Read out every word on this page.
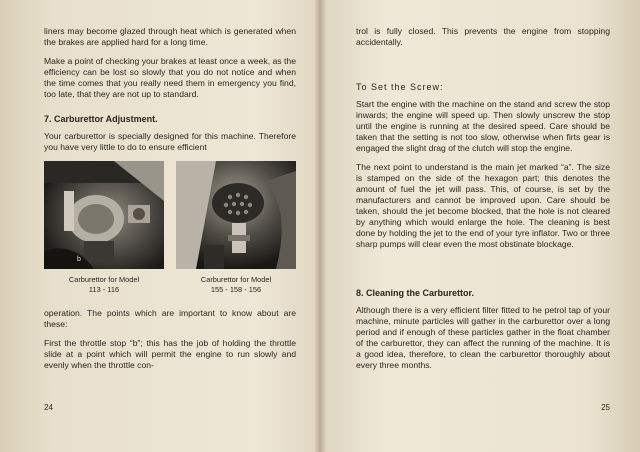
liners may become glazed through heat which is generated when the brakes are applied hard for a long time.

Make a point of checking your brakes at least once a week, as the efficiency can be lost so slowly that you do not notice and when the time comes that you really need them in emergency you find, too late, that they are not up to standard.

7. Carburettor Adjustment.

Your carburettor is specially designed for this machine. Therefore you have very little to do to ensure efficient

b
Carburettor for Model
113 - 116
Carburettor for Model
155 - 158 - 156

operation. The points which are important to know about are these:

First the throttle stop “b”; this has the job of holding the throttle slide at a point which will permit the engine to run slowly and evenly when the throttle con-

24

trol is fully closed. This prevents the engine from stopping accidentally.

To Set the Screw:

Start the engine with the machine on the stand and screw the stop inwards; the engine will speed up. Then slowly unscrew the stop until the engine is running at the desired speed. Care should be taken that the setting is not too slow, otherwise when firts gear is engaged the slight drag of the clutch will stop the engine.

The next point to understand is the main jet marked “a”. The size is stamped on the side of the hexagon part; this denotes the amount of fuel the jet will pass. This, of course, is set by the manufacturers and cannot be improved upon. Care should be taken, should the jet become blocked, that the hole is not cleared by anything which would enlarge the hole. The cleaning is best done by holding the jet to the end of your tyre inflator. Two or three sharp pumps will clear even the most obstinate blockage.

8. Cleaning the Carburettor.

Although there is a very efficient filter fitted to he petrol tap of your machine, minute particles will gather in the carburettor over a long period and if enough of these particles gather in the float chamber of the carburettor, they can affect the running of the machine. It is a good idea, therefore, to clean the carburettor thoroughly about every three months.

25
